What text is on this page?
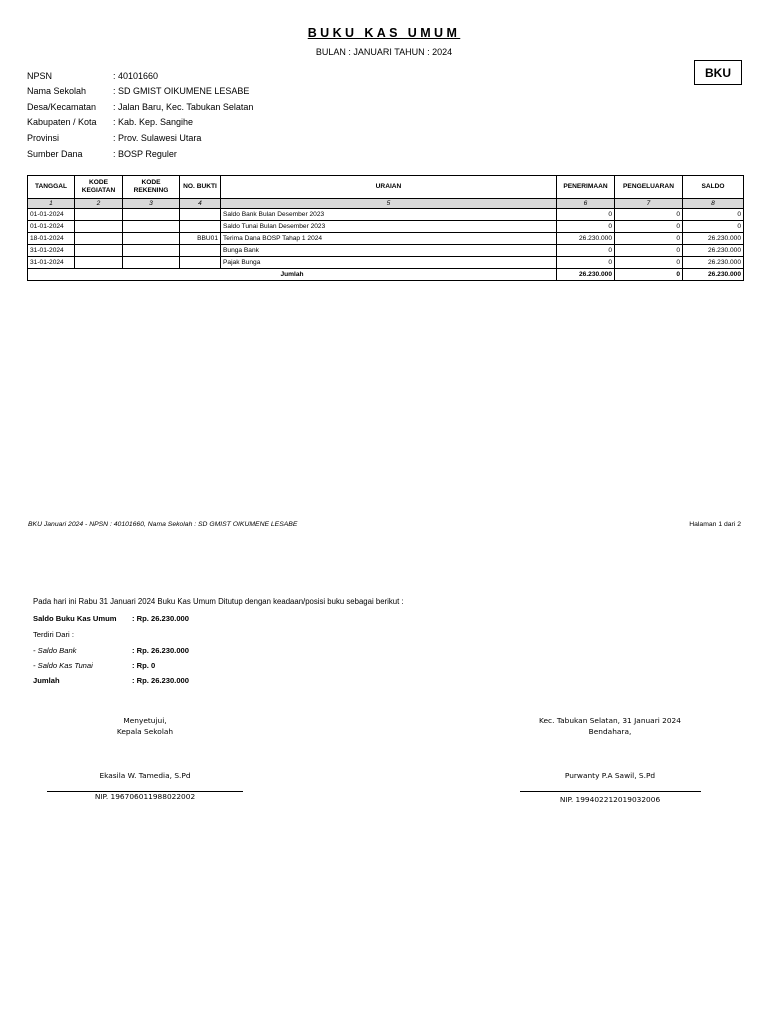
BUKU KAS UMUM
BULAN : JANUARI TAHUN : 2024
BKU
NPSN	: 40101660
Nama Sekolah	: SD GMIST OIKUMENE LESABE
Desa/Kecamatan : Jalan Baru, Kec. Tabukan Selatan
Kabupaten / Kota : Kab. Kep. Sangihe
Provinsi	: Prov. Sulawesi Utara
Sumber Dana	: BOSP Reguler
TANGGAL	KODE KEGIATAN	KODE REKENING	NO. BUKTI	URAIAN	PENERIMAAN	PENGELUARAN	SALDO
1	2	3	4	5	6	7	8
01-01-2024				Saldo Bank Bulan Desember 2023	0	0	0
01-01-2024				Saldo Tunai Bulan Desember 2023	0	0	0
18-01-2024			BBU01	Terima Dana BOSP Tahap 1 2024	26.230.000	0	26.230.000
31-01-2024				Bunga Bank	0	0	26.230.000
31-01-2024				Pajak Bunga	0	0	26.230.000
Jumlah					26.230.000	0	26.230.000
BKU Januari 2024 - NPSN : 40101660, Nama Sekolah : SD GMIST OIKUMENE LESABE	Halaman 1 dari 2
Pada hari ini Rabu 31 Januari 2024 Buku Kas Umum Ditutup dengan keadaan/posisi buku sebagai berikut :
Saldo Buku Kas Umum : Rp. 26.230.000
Terdiri Dari :
- Saldo Bank	: Rp. 26.230.000
- Saldo Kas Tunai	: Rp. 0
Jumlah	: Rp. 26.230.000
Menyetujui,
Kepala Sekolah
Ekasila W. Tamedia, S.Pd
NIP. 196706011988022002
Kec. Tabukan Selatan, 31 Januari 2024
Bendahara,
Purwanty P.A Sawil, S.Pd
NIP. 199402212019032006
